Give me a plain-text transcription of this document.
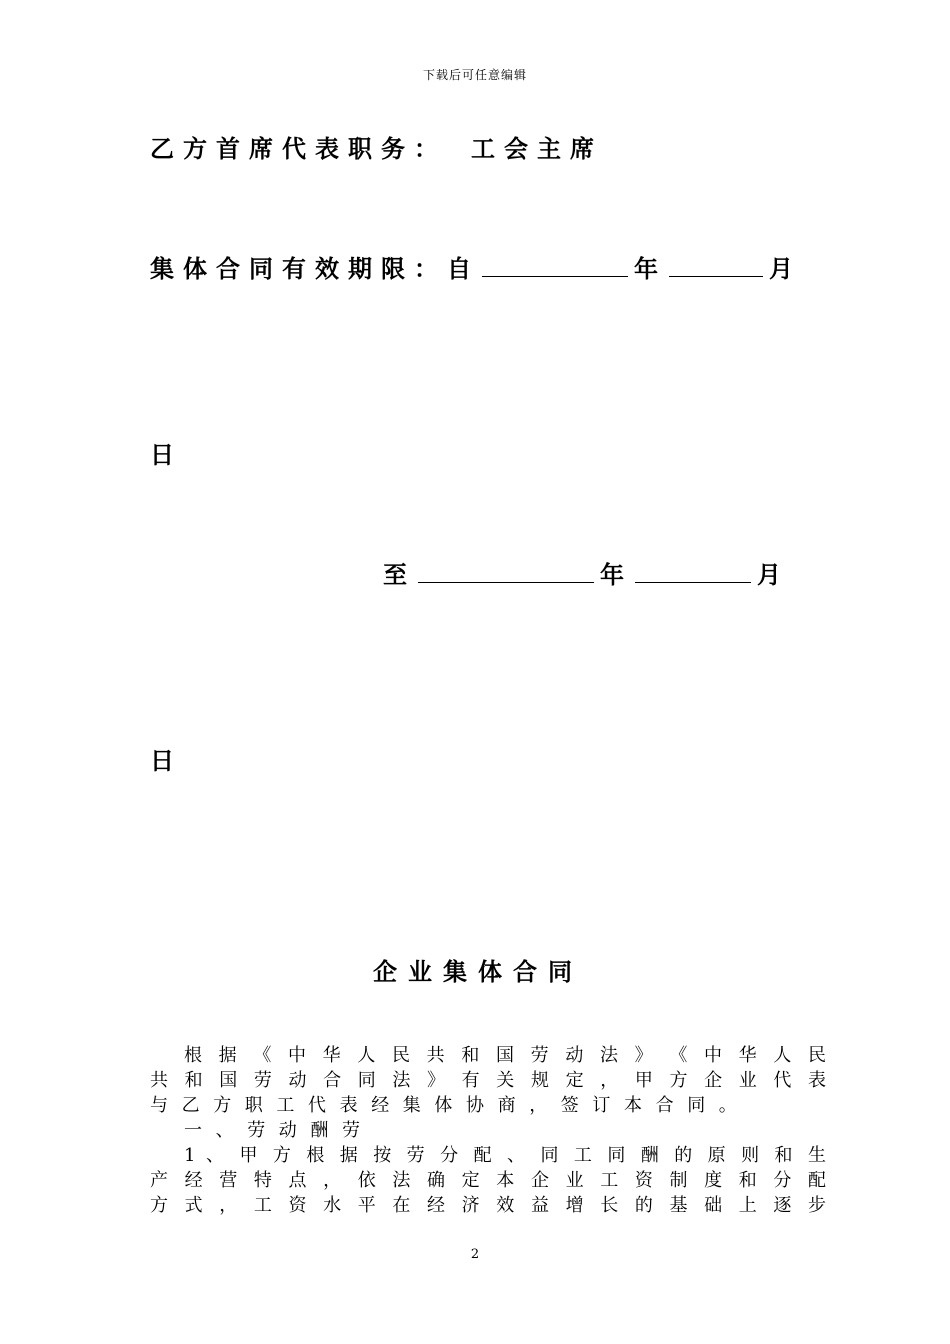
下载后可任意编辑
乙方首席代表职务： 工会主席
集体合同有效期限：自	年	月
日
至	年	月
日
企业集体合同
根 据 《 中 华 人 民 共 和 国 劳 动 法 》 《 中 华 人 民
共 和 国 劳 动 合 同 法 》 有 关 规 定 ， 甲 方 企 业 代 表
与乙方职工代表经集体协商，签订本合同。
一、劳动酬劳
1 、 甲 方 根 据 按 劳 分 配 、 同 工 同 酬 的 原 则 和 生
产 经 营 特 点 ， 依 法 确 定 本 企 业 工 资 制 度 和 分 配
方 式 ， 工 资 水 平 在 经 济 效 益 增 长 的 基 础 上 逐 步
2
